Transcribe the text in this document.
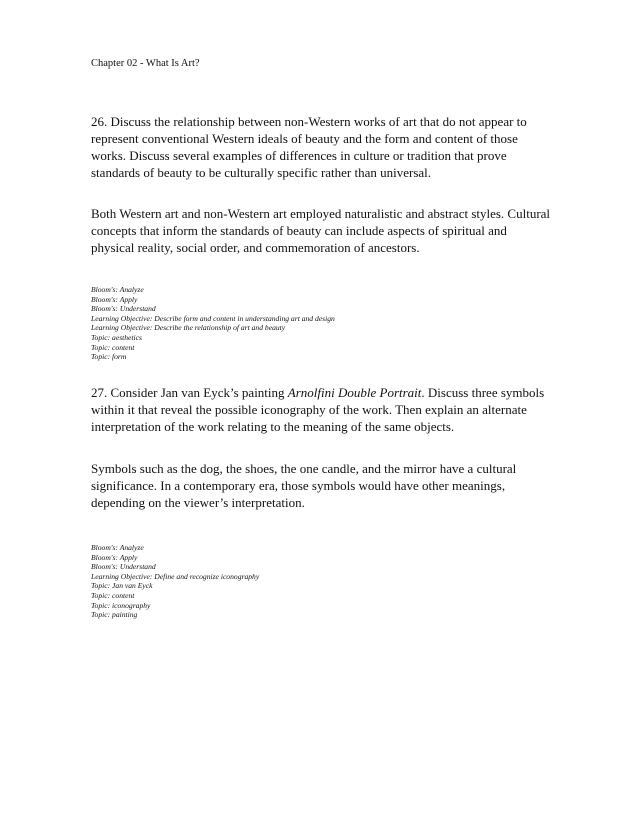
Chapter 02 - What Is Art?

26. Discuss the relationship between non-Western works of art that do not appear to represent conventional Western ideals of beauty and the form and content of those works. Discuss several examples of differences in culture or tradition that prove standards of beauty to be culturally specific rather than universal.

Both Western art and non-Western art employed naturalistic and abstract styles. Cultural concepts that inform the standards of beauty can include aspects of spiritual and physical reality, social order, and commemoration of ancestors.

Bloom's: Analyze
Bloom's: Apply
Bloom's: Understand
Learning Objective: Describe form and content in understanding art and design
Learning Objective: Describe the relationship of art and beauty
Topic: aesthetics
Topic: content
Topic: form

27. Consider Jan van Eyck’s painting Arnolfini Double Portrait. Discuss three symbols within it that reveal the possible iconography of the work. Then explain an alternate interpretation of the work relating to the meaning of the same objects.

Symbols such as the dog, the shoes, the one candle, and the mirror have a cultural significance. In a contemporary era, those symbols would have other meanings, depending on the viewer’s interpretation.

Bloom's: Analyze
Bloom's: Apply
Bloom's: Understand
Learning Objective: Define and recognize iconography
Topic: Jan van Eyck
Topic: content
Topic: iconography
Topic: painting
